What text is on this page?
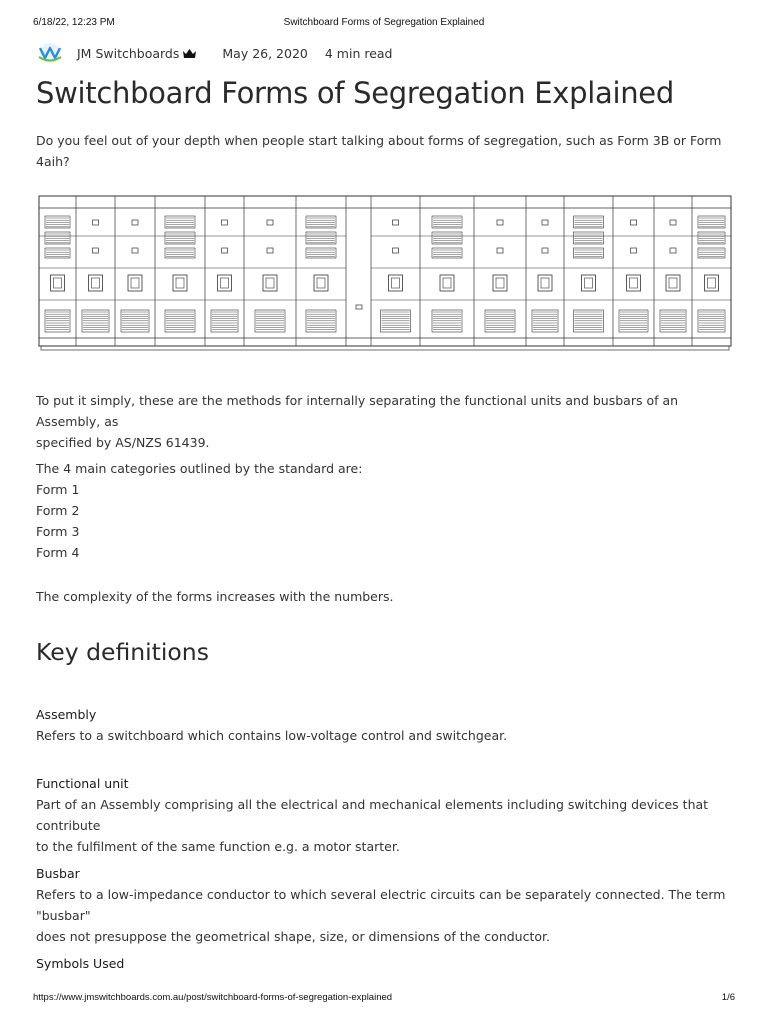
6/18/22, 12:23 PM	Switchboard Forms of Segregation Explained
JM Switchboards	May 26, 2020 4 min read
Switchboard Forms of Segregation Explained

Do you feel out of your depth when people start talking about forms of segregation, such as Form 3B or Form 4aih?

To put it simply, these are the methods for internally separating the functional units and busbars of an Assembly, as
specified by AS/NZS 61439.
The 4 main categories outlined by the standard are:
Form 1
Form 2
Form 3
Form 4

The complexity of the forms increases with the numbers.

Key definitions
Assembly
Refers to a switchboard which contains low-voltage control and switchgear.
Functional unit
Part of an Assembly comprising all the electrical and mechanical elements including switching devices that contribute
to the fulfilment of the same function e.g. a motor starter.
Busbar
Refers to a low-impedance conductor to which several electric circuits can be separately connected. The term "busbar"
does not presuppose the geometrical shape, size, or dimensions of the conductor.
Symbols Used
https://www.jmswitchboards.com.au/post/switchboard-forms-of-segregation-explained	1/6
